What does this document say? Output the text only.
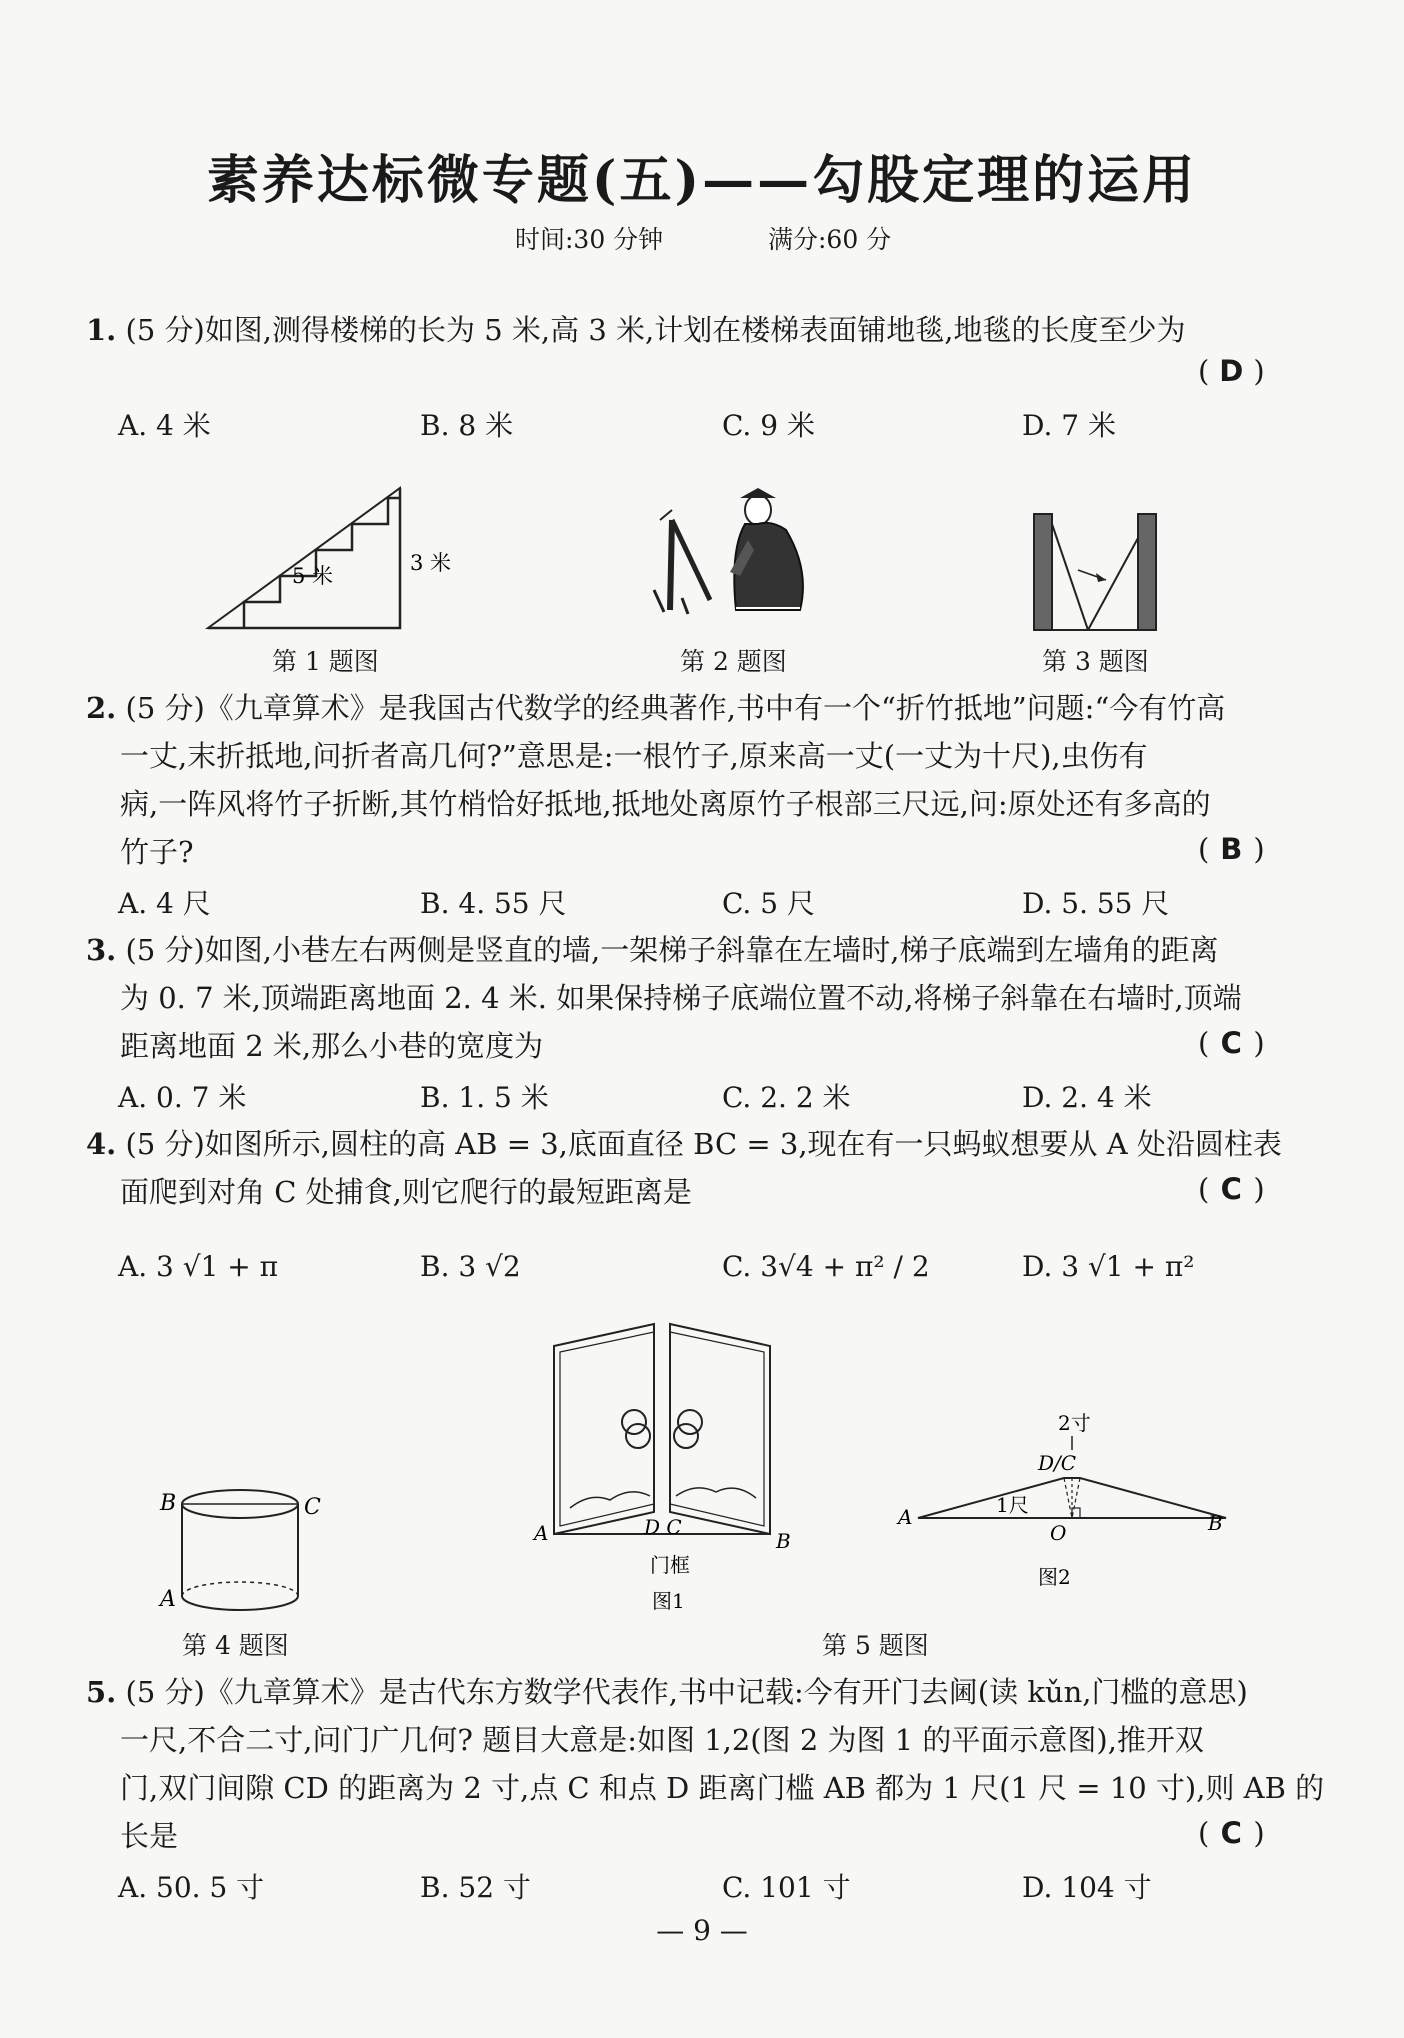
素养达标微专题(五)——勾股定理的运用
时间:30 分钟	满分:60 分
1. (5 分)如图,测得楼梯的长为 5 米,高 3 米,计划在楼梯表面铺地毯,地毯的长度至少为
( D )
A. 4 米	B. 8 米	C. 9 米	D. 7 米
5 米
3 米
第 1 题图	第 2 题图	第 3 题图
2. (5 分)《九章算术》是我国古代数学的经典著作,书中有一个“折竹抵地”问题:“今有竹高
一丈,末折抵地,问折者高几何?”意思是:一根竹子,原来高一丈(一丈为十尺),虫伤有
病,一阵风将竹子折断,其竹梢恰好抵地,抵地处离原竹子根部三尺远,问:原处还有多高的
竹子?	( B )
A. 4 尺	B. 4. 55 尺	C. 5 尺	D. 5. 55 尺
3. (5 分)如图,小巷左右两侧是竖直的墙,一架梯子斜靠在左墙时,梯子底端到左墙角的距离
为 0. 7 米,顶端距离地面 2. 4 米. 如果保持梯子底端位置不动,将梯子斜靠在右墙时,顶端
距离地面 2 米,那么小巷的宽度为	( C )
A. 0. 7 米	B. 1. 5 米	C. 2. 2 米	D. 2. 4 米
4. (5 分)如图所示,圆柱的高 AB = 3,底面直径 BC = 3,现在有一只蚂蚁想要从 A 处沿圆柱表
面爬到对角 C 处捕食,则它爬行的最短距离是	( C )
A. 3 √1 + π	B. 3 √2	C. 3√4 + π² / 2	D. 3 √1 + π²
B	C
A
第 4 题图
A	D C
B
门框
图1
2寸
D/C
1尺
A	B
O
图2
第 5 题图
5. (5 分)《九章算术》是古代东方数学代表作,书中记载:今有开门去阃(读 kǔn,门槛的意思)
一尺,不合二寸,问门广几何? 题目大意是:如图 1,2(图 2 为图 1 的平面示意图),推开双
门,双门间隙 CD 的距离为 2 寸,点 C 和点 D 距离门槛 AB 都为 1 尺(1 尺 = 10 寸),则 AB 的
长是	( C )
A. 50. 5 寸	B. 52 寸	C. 101 寸	D. 104 寸
— 9 —
